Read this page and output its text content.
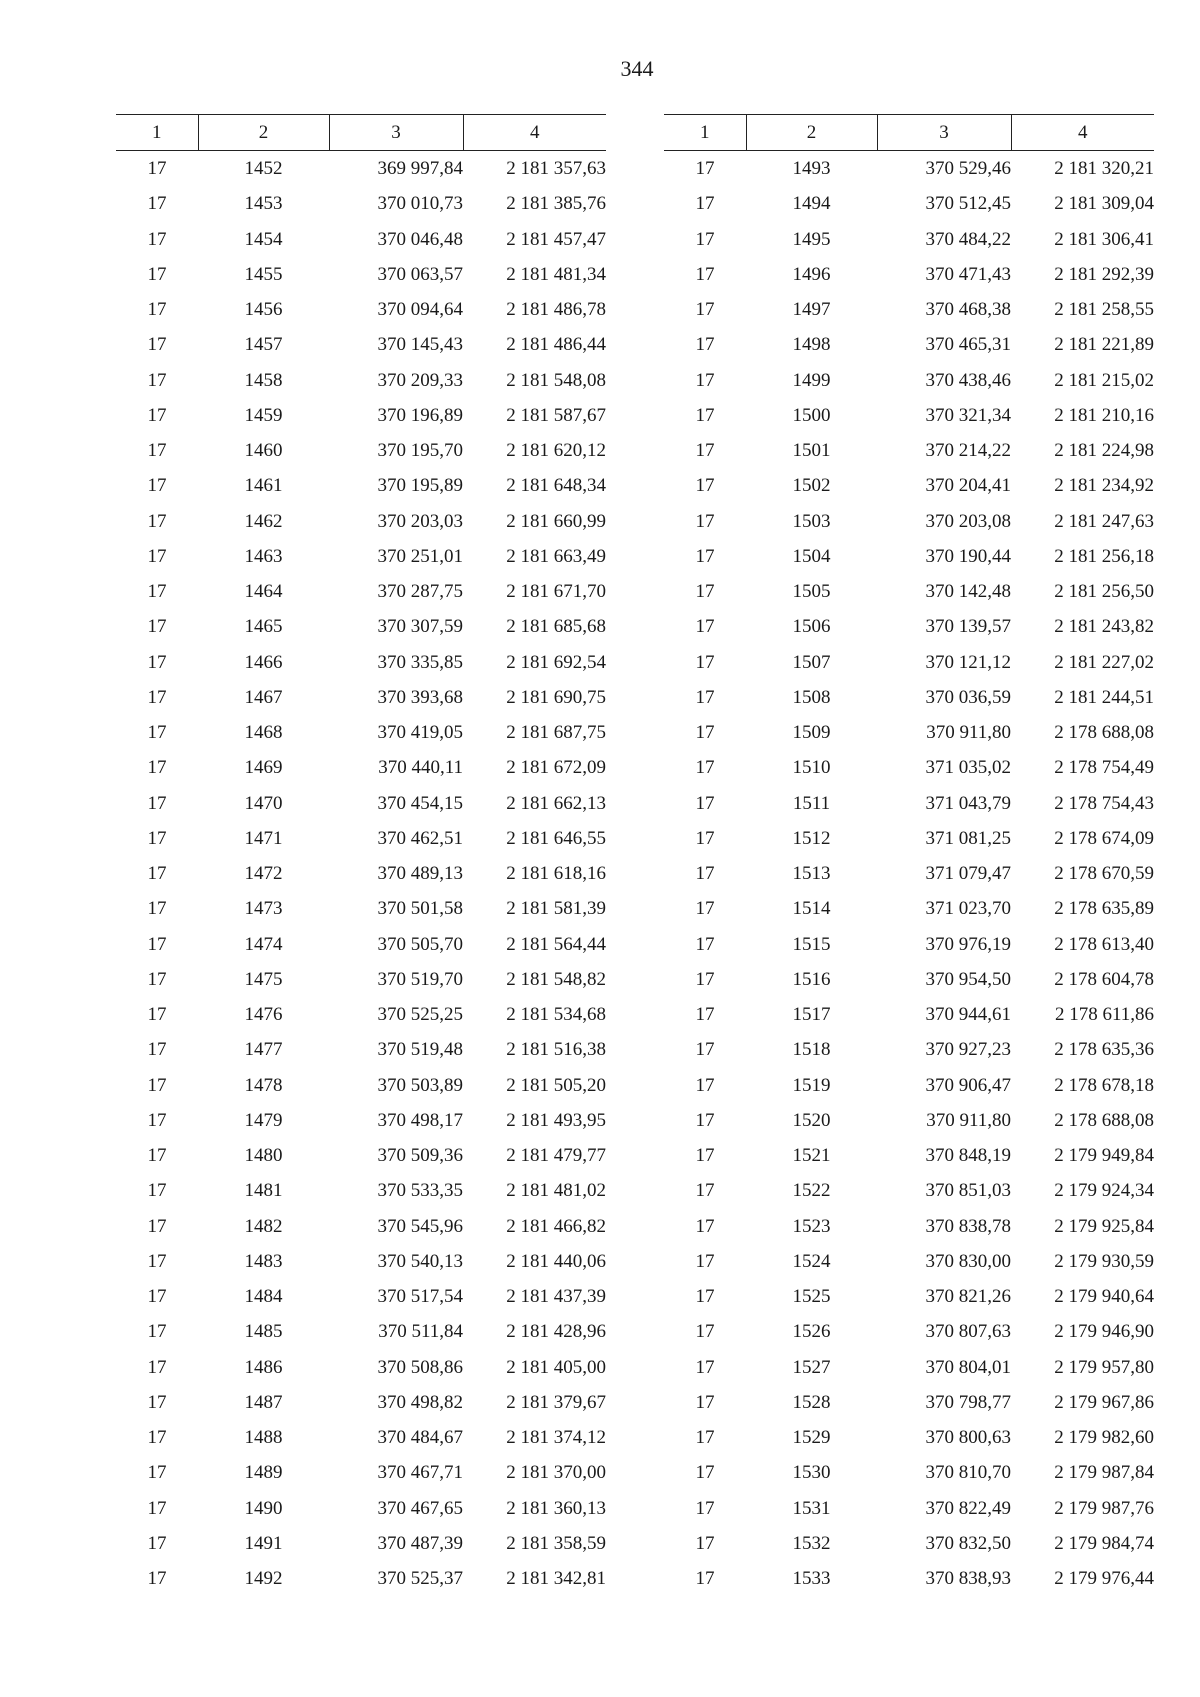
344
1	2	3	4
17	1452	369 997,84	2 181 357,63
17	1453	370 010,73	2 181 385,76
17	1454	370 046,48	2 181 457,47
17	1455	370 063,57	2 181 481,34
17	1456	370 094,64	2 181 486,78
17	1457	370 145,43	2 181 486,44
17	1458	370 209,33	2 181 548,08
17	1459	370 196,89	2 181 587,67
17	1460	370 195,70	2 181 620,12
17	1461	370 195,89	2 181 648,34
17	1462	370 203,03	2 181 660,99
17	1463	370 251,01	2 181 663,49
17	1464	370 287,75	2 181 671,70
17	1465	370 307,59	2 181 685,68
17	1466	370 335,85	2 181 692,54
17	1467	370 393,68	2 181 690,75
17	1468	370 419,05	2 181 687,75
17	1469	370 440,11	2 181 672,09
17	1470	370 454,15	2 181 662,13
17	1471	370 462,51	2 181 646,55
17	1472	370 489,13	2 181 618,16
17	1473	370 501,58	2 181 581,39
17	1474	370 505,70	2 181 564,44
17	1475	370 519,70	2 181 548,82
17	1476	370 525,25	2 181 534,68
17	1477	370 519,48	2 181 516,38
17	1478	370 503,89	2 181 505,20
17	1479	370 498,17	2 181 493,95
17	1480	370 509,36	2 181 479,77
17	1481	370 533,35	2 181 481,02
17	1482	370 545,96	2 181 466,82
17	1483	370 540,13	2 181 440,06
17	1484	370 517,54	2 181 437,39
17	1485	370 511,84	2 181 428,96
17	1486	370 508,86	2 181 405,00
17	1487	370 498,82	2 181 379,67
17	1488	370 484,67	2 181 374,12
17	1489	370 467,71	2 181 370,00
17	1490	370 467,65	2 181 360,13
17	1491	370 487,39	2 181 358,59
17	1492	370 525,37	2 181 342,81
1	2	3	4
17	1493	370 529,46	2 181 320,21
17	1494	370 512,45	2 181 309,04
17	1495	370 484,22	2 181 306,41
17	1496	370 471,43	2 181 292,39
17	1497	370 468,38	2 181 258,55
17	1498	370 465,31	2 181 221,89
17	1499	370 438,46	2 181 215,02
17	1500	370 321,34	2 181 210,16
17	1501	370 214,22	2 181 224,98
17	1502	370 204,41	2 181 234,92
17	1503	370 203,08	2 181 247,63
17	1504	370 190,44	2 181 256,18
17	1505	370 142,48	2 181 256,50
17	1506	370 139,57	2 181 243,82
17	1507	370 121,12	2 181 227,02
17	1508	370 036,59	2 181 244,51
17	1509	370 911,80	2 178 688,08
17	1510	371 035,02	2 178 754,49
17	1511	371 043,79	2 178 754,43
17	1512	371 081,25	2 178 674,09
17	1513	371 079,47	2 178 670,59
17	1514	371 023,70	2 178 635,89
17	1515	370 976,19	2 178 613,40
17	1516	370 954,50	2 178 604,78
17	1517	370 944,61	2 178 611,86
17	1518	370 927,23	2 178 635,36
17	1519	370 906,47	2 178 678,18
17	1520	370 911,80	2 178 688,08
17	1521	370 848,19	2 179 949,84
17	1522	370 851,03	2 179 924,34
17	1523	370 838,78	2 179 925,84
17	1524	370 830,00	2 179 930,59
17	1525	370 821,26	2 179 940,64
17	1526	370 807,63	2 179 946,90
17	1527	370 804,01	2 179 957,80
17	1528	370 798,77	2 179 967,86
17	1529	370 800,63	2 179 982,60
17	1530	370 810,70	2 179 987,84
17	1531	370 822,49	2 179 987,76
17	1532	370 832,50	2 179 984,74
17	1533	370 838,93	2 179 976,44
